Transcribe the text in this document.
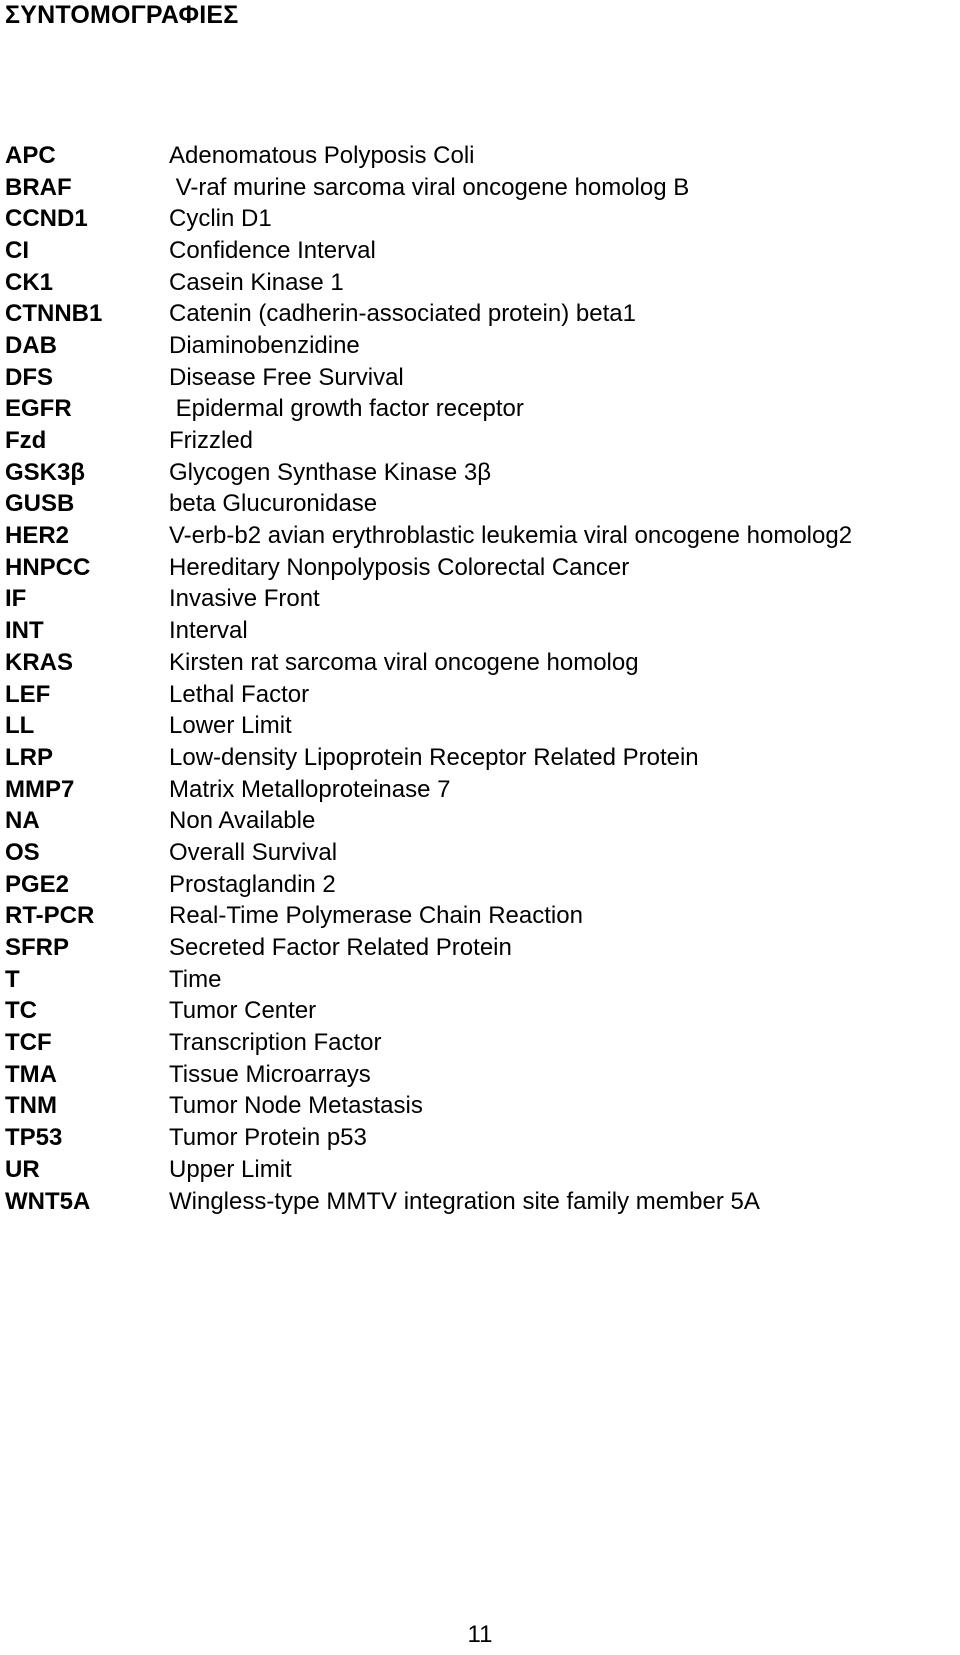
ΣΥΝΤΟΜΟΓΡΑΦΙΕΣ
APC	Adenomatous Polyposis Coli
BRAF	V-raf murine sarcoma viral oncogene homolog B
CCND1	Cyclin D1
CI	Confidence Interval
CK1	Casein Kinase 1
CTNNB1	Catenin (cadherin-associated protein) beta1
DAB	Diaminobenzidine
DFS	Disease Free Survival
EGFR	Epidermal growth factor receptor
Fzd	Frizzled
GSK3β	Glycogen Synthase Kinase 3β
GUSB	beta Glucuronidase
HER2	V-erb-b2 avian erythroblastic leukemia viral oncogene homolog2
HNPCC	Hereditary Nonpolyposis Colorectal Cancer
IF	Invasive Front
INT	Interval
KRAS	Kirsten rat sarcoma viral oncogene homolog
LEF	Lethal Factor
LL	Lower Limit
LRP	Low-density Lipoprotein Receptor Related Protein
MMP7	Matrix Metalloproteinase 7
NA	Non Available
OS	Overall Survival
PGE2	Prostaglandin 2
RT-PCR	Real-Time Polymerase Chain Reaction
SFRP	Secreted Factor Related Protein
T	Time
TC	Tumor Center
TCF	Transcription Factor
TMA	Tissue Microarrays
TNM	Tumor Node Metastasis
TP53	Tumor Protein p53
UR	Upper Limit
WNT5A	Wingless-type MMTV integration site family member 5A
11
